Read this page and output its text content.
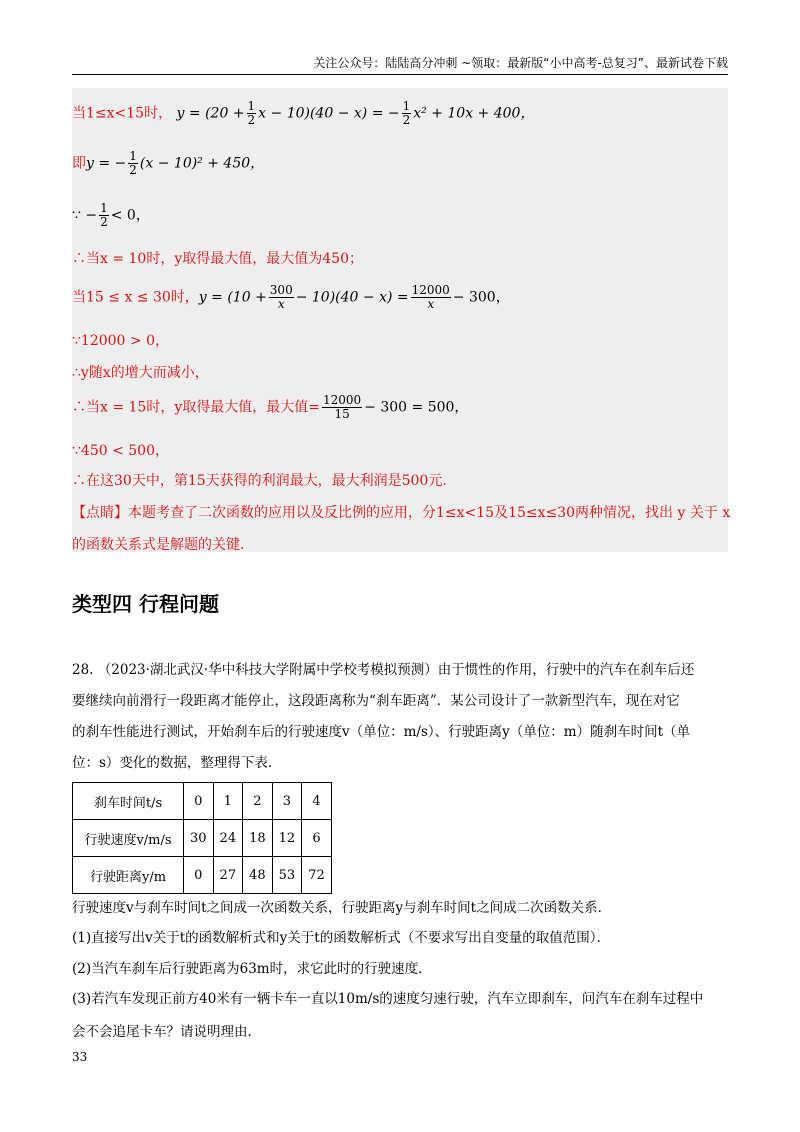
关注公众号：陆陆高分冲刺 ~领取：最新版“小中高考-总复习”、最新试卷下载
当1≤x<15时， $y = (20 + \frac{1}{2}$ x − 10)(40 − x) = − $\frac{1}{2} x^2 + 10x + 400$，
即y = − $\frac{1}{2} (x - 10)^2 + 450$，
∵ − $\frac{1}{2} < 0$，
∴当x = 10时，y取得最大值，最大值为450；
当15 ≤ x ≤ 30时，$y = (10 + \frac{300}{x} - 10)(40 - x) = \frac{12000}{x} - 300$，
∵12000 > 0，
∴y随x的增大而减小，
∴当x = 15时，y取得最大值，最大值= $\frac{12000}{15} - 300 = 500$，
∵450 < 500，
∴在这30天中，第15天获得的利润最大，最大利润是500元.
【点睛】本题考查了二次函数的应用以及反比例的应用，分1≤x<15及15≤x≤30两种情况，找出 y 关于 x
的函数关系式是解题的关键.
类型四 行程问题
28. （2023·湖北武汉·华中科技大学附属中学校考模拟预测）由于惯性的作用，行驶中的汽车在刹车后还
要继续向前滑行一段距离才能停止，这段距离称为“刹车距离”．某公司设计了一款新型汽车，现在对它
的刹车性能进行测试，开始刹车后的行驶速度v（单位：m/s）、行驶距离y（单位：m）随刹车时间t（单
位：s）变化的数据，整理得下表．
刹车时间t/s	0	1	2	3	4
行驶速度v/m/s	30	24	18	12	6
行驶距离y/m	0	27	48	53	72
行驶速度v与刹车时间t之间成一次函数关系，行驶距离y与刹车时间t之间成二次函数关系．
(1)直接写出v关于t的函数解析式和y关于t的函数解析式（不要求写出自变量的取值范围）．
(2)当汽车刹车后行驶距离为63m时，求它此时的行驶速度．
(3)若汽车发现正前方40米有一辆卡车一直以10m/s的速度匀速行驶，汽车立即刹车，问汽车在刹车过程中
会不会追尾卡车？请说明理由．
33
